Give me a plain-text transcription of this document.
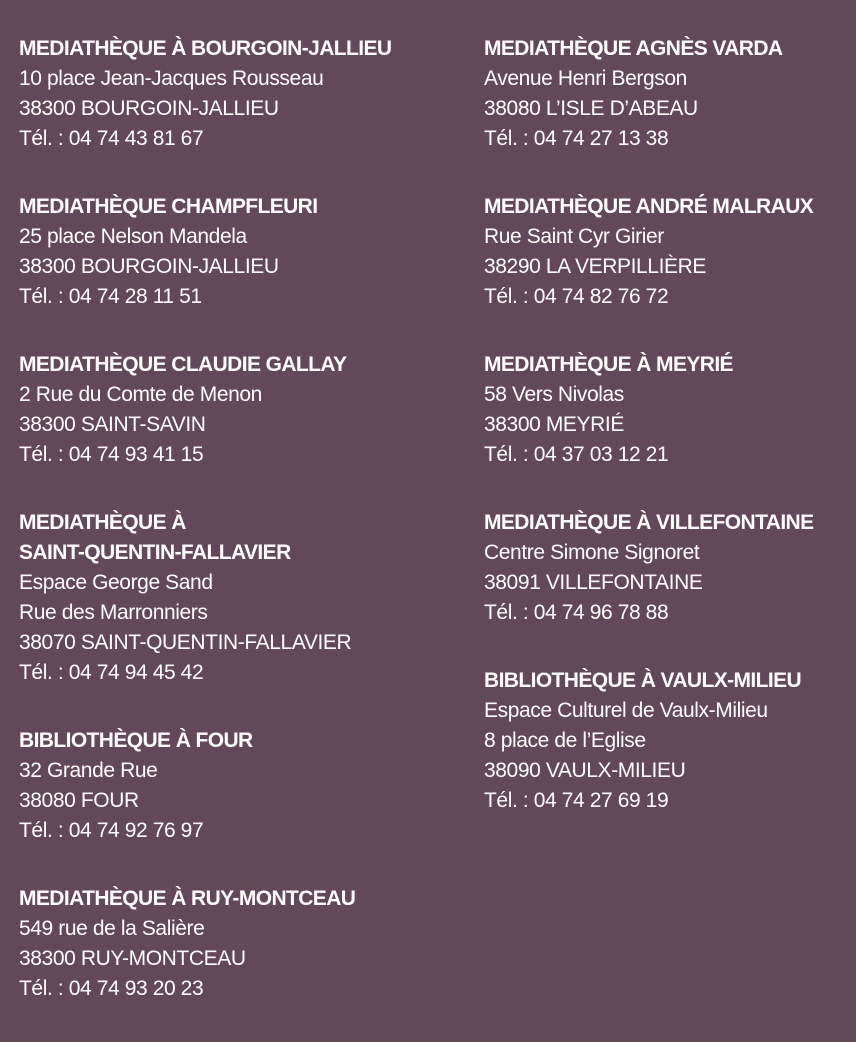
MEDIATHÈQUE À BOURGOIN-JALLIEU
10 place Jean-Jacques Rousseau
38300 BOURGOIN-JALLIEU
Tél. : 04 74 43 81 67
MEDIATHÈQUE CHAMPFLEURI
25 place Nelson Mandela
38300 BOURGOIN-JALLIEU
Tél. : 04 74 28 11 51
MEDIATHÈQUE CLAUDIE GALLAY
2 Rue du Comte de Menon
38300 SAINT-SAVIN
Tél. : 04 74 93 41 15
MEDIATHÈQUE À
SAINT-QUENTIN-FALLAVIER
Espace George Sand
Rue des Marronniers
38070 SAINT-QUENTIN-FALLAVIER
Tél. : 04 74 94 45 42
BIBLIOTHÈQUE À FOUR
32 Grande Rue
38080 FOUR
Tél. : 04 74 92 76 97
MEDIATHÈQUE À RUY-MONTCEAU
549 rue de la Salière
38300 RUY-MONTCEAU
Tél. : 04 74 93 20 23
MEDIATHÈQUE AGNÈS VARDA
Avenue Henri Bergson
38080 L’ISLE D’ABEAU
Tél. : 04 74 27 13 38
MEDIATHÈQUE ANDRÉ MALRAUX
Rue Saint Cyr Girier
38290 LA VERPILLIÈRE
Tél. : 04 74 82 76 72
MEDIATHÈQUE À MEYRIÉ
58 Vers Nivolas
38300 MEYRIÉ
Tél. : 04 37 03 12 21
MEDIATHÈQUE À VILLEFONTAINE
Centre Simone Signoret
38091 VILLEFONTAINE
Tél. : 04 74 96 78 88
BIBLIOTHÈQUE À VAULX-MILIEU
Espace Culturel de Vaulx-Milieu
8 place de l’Eglise
38090 VAULX-MILIEU
Tél. : 04 74 27 69 19
